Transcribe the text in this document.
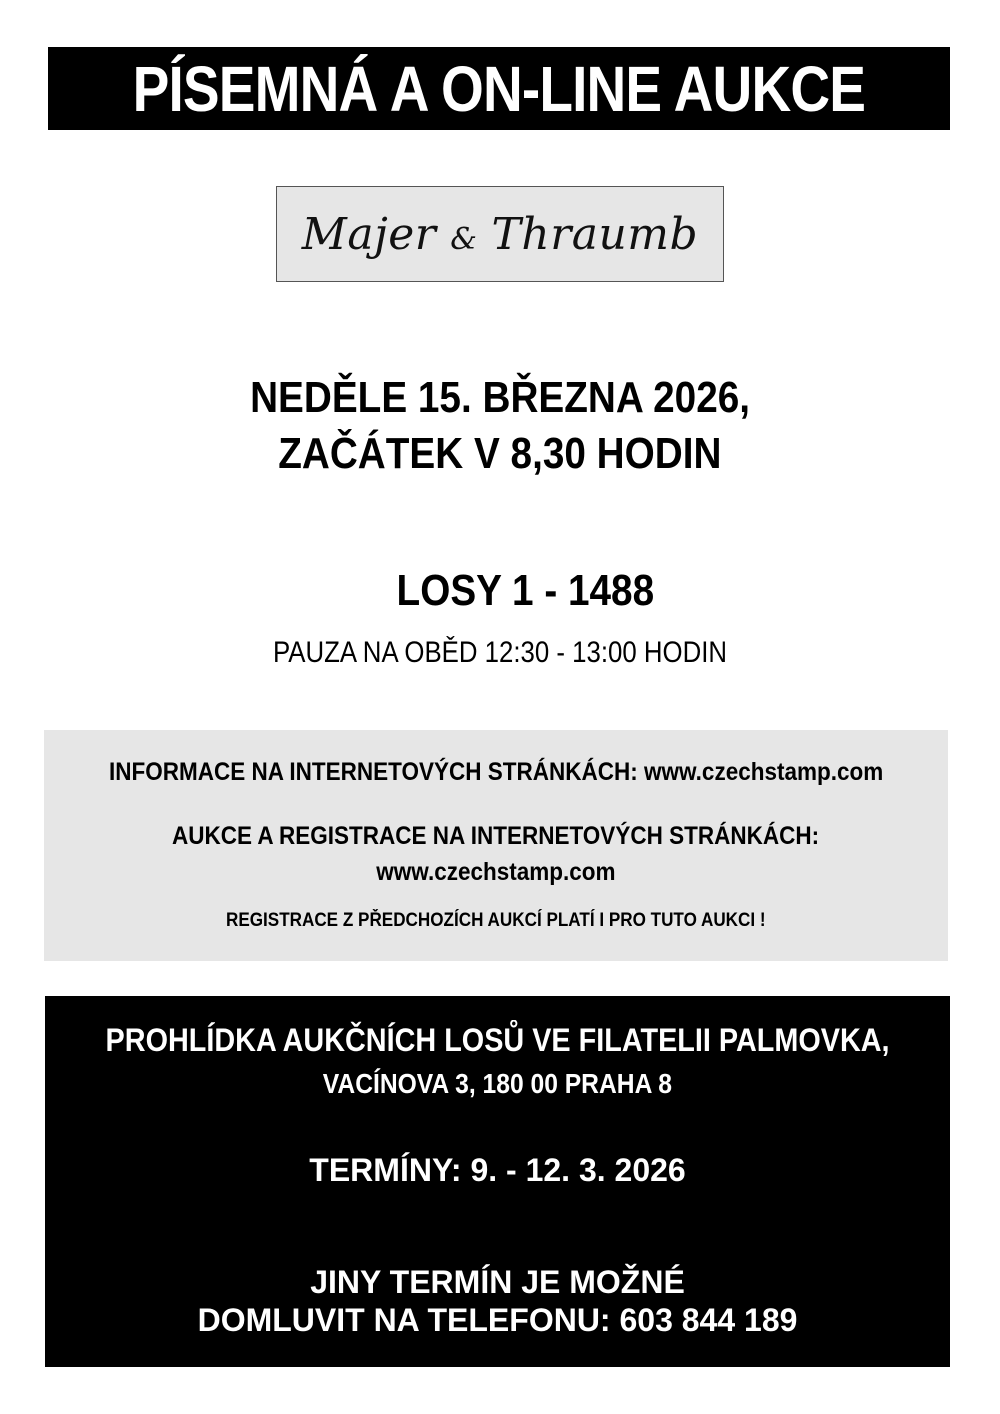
PÍSEMNÁ A ON-LINE AUKCE
Majer & Thraumb
NEDĚLE 15. BŘEZNA 2026,
ZAČÁTEK V 8,30 HODIN
LOSY 1 - 1488
PAUZA NA OBĚD 12:30 - 13:00 HODIN
INFORMACE NA INTERNETOVÝCH STRÁNKÁCH: www.czechstamp.com
AUKCE A REGISTRACE NA INTERNETOVÝCH STRÁNKÁCH:
www.czechstamp.com
REGISTRACE Z PŘEDCHOZÍCH AUKCÍ PLATÍ I PRO TUTO AUKCI !
PROHLÍDKA AUKČNÍCH LOSŮ VE FILATELII PALMOVKA,
VACÍNOVA 3, 180 00 PRAHA 8
TERMÍNY: 9. - 12. 3. 2026
JINY TERMÍN JE MOŽNÉ
DOMLUVIT NA TELEFONU: 603 844 189
